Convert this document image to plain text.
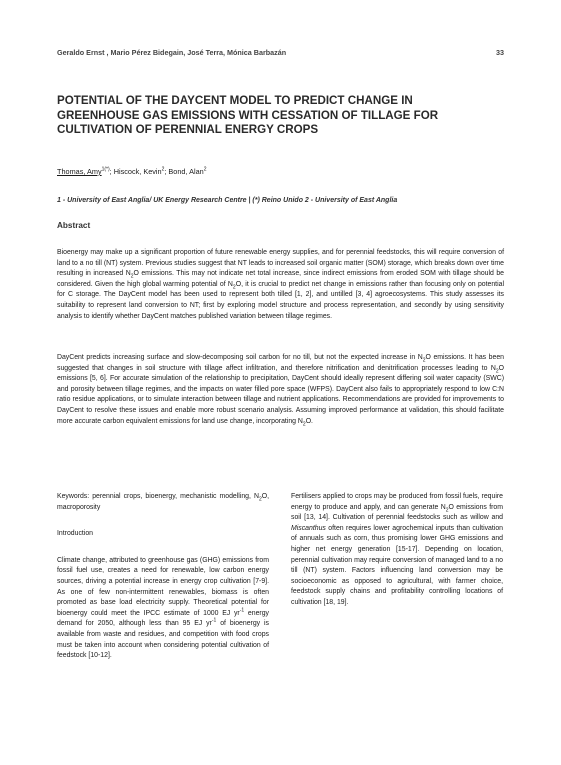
Geraldo Ernst , Mario Pérez Bidegain, José Terra, Mónica Barbazán	33
POTENTIAL OF THE DAYCENT MODEL TO PREDICT CHANGE IN GREENHOUSE GAS EMISSIONS WITH CESSATION OF TILLAGE FOR CULTIVATION OF PERENNIAL ENERGY CROPS
Thomas, Amy$^{1(*)}$; Hiscock, Kevin$^2$; Bond, Alan$^2$
1 - University of East Anglia/ UK Energy Research Centre | (*) Reino Unido 2 - University of East Anglia
Abstract

Bioenergy may make up a significant proportion of future renewable energy supplies, and for perennial feedstocks, this will require conversion of land to a no till (NT) system. Previous studies suggest that NT leads to increased soil organic matter (SOM) storage, which breaks down over time resulting in increased $N_2O$ emissions. This may not indicate net total increase, since indirect emissions from eroded SOM with tillage should be considered. Given the high global warming potential of $N_2O$, it is crucial to predict net change in emissions rather than focusing only on potential for C storage. The DayCent model has been used to represent both tilled [1, 2], and untilled [3, 4] agroecosystems. This study assesses its suitability to represent land conversion to NT; first by exploring model structure and process representation, and secondly by using sensitivity analysis to identify whether DayCent matches published variation between tillage regimes.

DayCent predicts increasing surface and slow-decomposing soil carbon for no till, but not the expected increase in $N_2O$ emissions. It has been suggested that changes in soil structure with tillage affect infiltration, and therefore nitrification and denitrification processes leading to $N_2O$ emissions [5, 6]. For accurate simulation of the relationship to precipitation, DayCent should ideally represent differing soil water capacity (SWC) and porosity between tillage regimes, and the impacts on water filled pore space (WFPS). DayCent also fails to appropriately respond to low C:N ratio residue applications, or to simulate interaction between tillage and nutrient applications. Recommendations are provided for improvements to DayCent to resolve these issues and enable more robust scenario analysis. Assuming improved performance at validation, this should facilitate more accurate carbon equivalent emissions for land use change, incorporating $N_2O$.

Keywords: perennial crops, bioenergy, mechanistic modelling, $N_2O$, macroporosity

Introduction

Climate change, attributed to greenhouse gas (GHG) emissions from fossil fuel use, creates a need for renewable, low carbon energy sources, driving a potential increase in energy crop cultivation [7-9]. As one of few non-intermittent renewables, biomass is often promoted as base load electricity supply. Theoretical potential for bioenergy could meet the IPCC estimate of 1000 EJ $yr^{-1}$ energy demand for 2050, although less than 95 EJ $yr^{-1}$ of bioenergy is available from waste and residues, and competition with food crops must be taken into account when considering potential cultivation of feedstock [10-12].

Fertilisers applied to crops may be produced from fossil fuels, require energy to produce and apply, and can generate $N_2O$ emissions from soil [13, 14]. Cultivation of perennial feedstocks such as willow and Miscanthus often requires lower agrochemical inputs than cultivation of annuals such as corn, thus promising lower GHG emissions and higher net energy generation [15-17]. Depending on location, perennial cultivation may require conversion of managed land to a no till (NT) system. Factors influencing land conversion may be socioeconomic as opposed to agricultural, with farmer choice, feedstock supply chains and profitability controlling locations of cultivation [18, 19].
